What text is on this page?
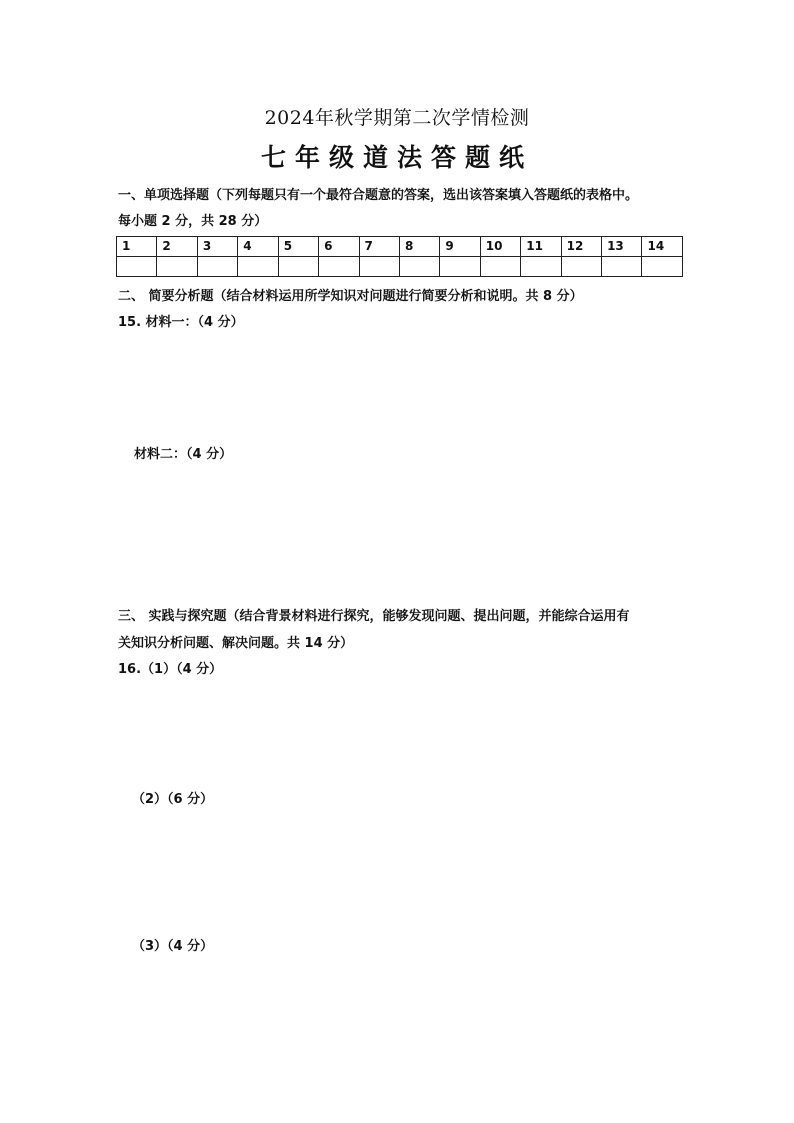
2024年秋学期第二次学情检测
七年级道法答题纸
一、单项选择题（下列每题只有一个最符合题意的答案，选出该答案填入答题纸的表格中。
每小题 2 分，共 28 分）
1	2	3	4	5	6	7	8	9	10	11	12	13	14

二、 简要分析题（结合材料运用所学知识对问题进行简要分析和说明。共 8 分）
15. 材料一：（4 分）
材料二：（4 分）
三、 实践与探究题（结合背景材料进行探究，能够发现问题、提出问题，并能综合运用有
关知识分析问题、解决问题。共 14 分）
16.（1）（4 分）
（2）（6 分）
（3）（4 分）
